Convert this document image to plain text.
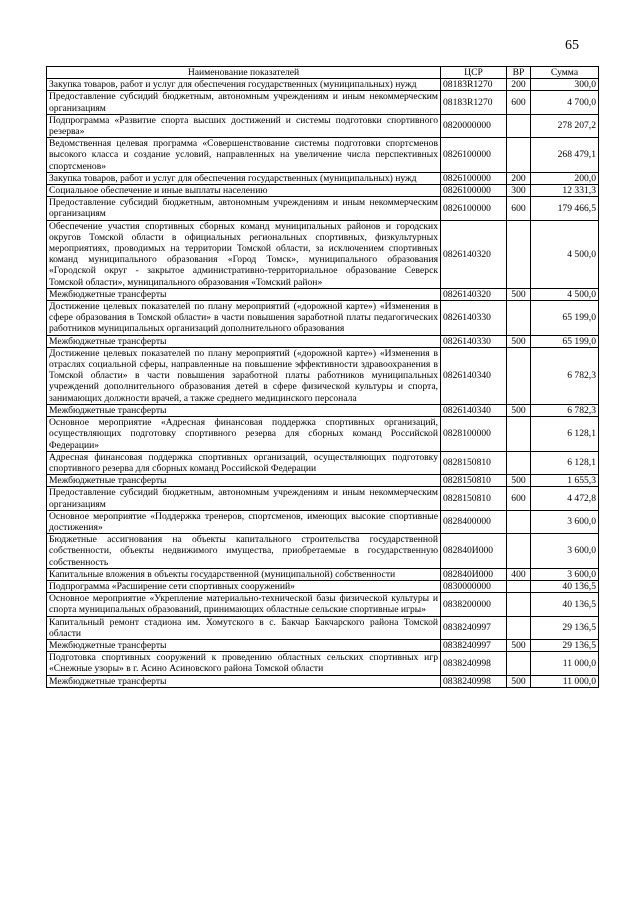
65
Наименование показателей	ЦСР	ВР	Сумма
Закупка товаров, работ и услуг для обеспечения государственных (муниципальных) нужд	08183R1270	200	300,0
Предоставление субсидий бюджетным, автономным учреждениям и иным некоммерческим организациям	08183R1270	600	4 700,0
Подпрограмма «Развитие спорта высших достижений и системы подготовки спортивного резерва»	0820000000		278 207,2
Ведомственная целевая программа «Совершенствование системы подготовки спортсменов высокого класса и создание условий, направленных на увеличение числа перспективных спортсменов»	0826100000		268 479,1
Закупка товаров, работ и услуг для обеспечения государственных (муниципальных) нужд	0826100000	200	200,0
Социальное обеспечение и иные выплаты населению	0826100000	300	12 331,3
Предоставление субсидий бюджетным, автономным учреждениям и иным некоммерческим организациям	0826100000	600	179 466,5
Обеспечение участия спортивных сборных команд муниципальных районов и городских округов Томской области в официальных региональных спортивных, физкультурных мероприятиях, проводимых на территории Томской области, за исключением спортивных команд муниципального образования «Город Томск», муниципального образования «Городской округ - закрытое административно-территориальное образование Северск Томской области», муниципального образования «Томский район»	0826140320		4 500,0
Межбюджетные трансферты	0826140320	500	4 500,0
Достижение целевых показателей по плану мероприятий («дорожной карте») «Изменения в сфере образования в Томской области» в части повышения заработной платы педагогических работников муниципальных организаций дополнительного образования	0826140330		65 199,0
Межбюджетные трансферты	0826140330	500	65 199,0
Достижение целевых показателей по плану мероприятий («дорожной карте») «Изменения в отраслях социальной сферы, направленные на повышение эффективности здравоохранения в Томской области» в части повышения заработной платы работников муниципальных учреждений дополнительного образования детей в сфере физической культуры и спорта, занимающих должности врачей, а также среднего медицинского персонала	0826140340		6 782,3
Межбюджетные трансферты	0826140340	500	6 782,3
Основное мероприятие «Адресная финансовая поддержка спортивных организаций, осуществляющих подготовку спортивного резерва для сборных команд Российской Федерации»	0828100000		6 128,1
Адресная финансовая поддержка спортивных организаций, осуществляющих подготовку спортивного резерва для сборных команд Российской Федерации	0828150810		6 128,1
Межбюджетные трансферты	0828150810	500	1 655,3
Предоставление субсидий бюджетным, автономным учреждениям и иным некоммерческим организациям	0828150810	600	4 472,8
Основное мероприятие «Поддержка тренеров, спортсменов, имеющих высокие спортивные достижения»	0828400000		3 600,0
Бюджетные ассигнования на объекты капитального строительства государственной собственности, объекты недвижимого имущества, приобретаемые в государственную собственность	082840И000		3 600,0
Капитальные вложения в объекты государственной (муниципальной) собственности	082840И000	400	3 600,0
Подпрограмма «Расширение сети спортивных сооружений»	0830000000		40 136,5
Основное мероприятие «Укрепление материально-технической базы физической культуры и спорта муниципальных образований, принимающих областные сельские спортивные игры»	0838200000		40 136,5
Капитальный ремонт стадиона им. Хомутского в с. Бакчар Бакчарского района Томской области	0838240997		29 136,5
Межбюджетные трансферты	0838240997	500	29 136,5
Подготовка спортивных сооружений к проведению областных сельских спортивных игр «Снежные узоры» в г. Асино Асиновского района Томской области	0838240998		11 000,0
Межбюджетные трансферты	0838240998	500	11 000,0
